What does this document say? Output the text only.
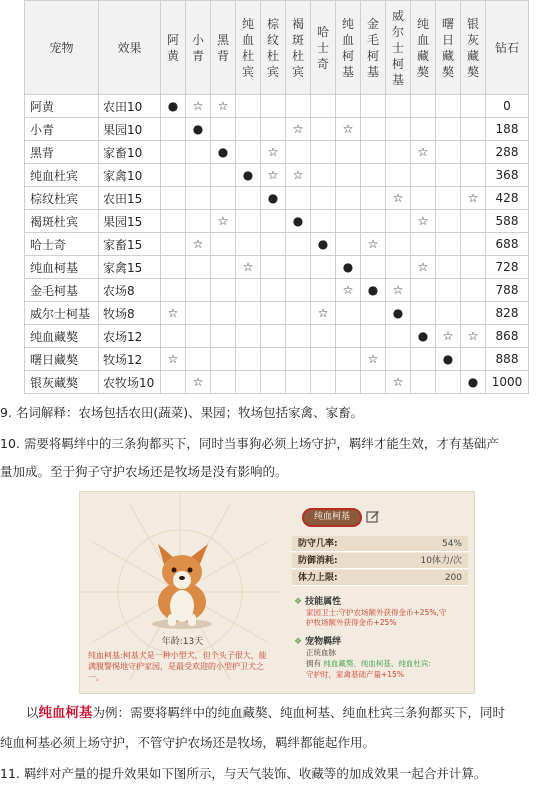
宠物	效果	阿黄	小青	黑背	纯血杜宾	棕纹杜宾	褐斑杜宾	哈士奇	纯血柯基	金毛柯基	威尔士柯基	纯血藏獒	曙日藏獒	银灰藏獒	钻石
阿黄	农田10	●	☆	☆											0
小青	果园10		●				☆		☆						188
黑背	家畜10			●		☆						☆			288
纯血杜宾	家禽10				●	☆	☆								368
棕纹杜宾	农田15					●					☆			☆	428
褐斑杜宾	果园15			☆			●					☆			588
哈士奇	家畜15		☆					●		☆					688
纯血柯基	家禽15				☆				●			☆			728
金毛柯基	农场8								☆	●	☆				788
威尔士柯基	牧场8	☆						☆			●				828
纯血藏獒	农场12											●	☆	☆	868
曙日藏獒	牧场12	☆								☆			●		888
银灰藏獒	农牧场10		☆								☆			●	1000
9. 名词解释：农场包括农田(蔬菜)、果园；牧场包括家禽、家畜。
10. 需要将羁绊中的三条狗都买下，同时当事狗必须上场守护，羁绊才能生效，才有基础产
量加成。至于狗子守护农场还是牧场是没有影响的。
年龄:13天
纯血柯基:柯基犬是一种小型犬，但个头子很大，能满腹警惕地守护家园，是最受欢迎的小型护卫犬之一。
纯血柯基
防守几率:	54%
防御消耗:	10体力/次
体力上限:	200
❖ 技能属性
家园卫士:守护农场额外获得金币+25%,守
护牧场额外获得金币+25%
❖ 宠物羁绊
正统血脉
拥有 纯血藏獒、纯血柯基、纯血杜宾:
守护时，家禽基础产量+15%
以纯血柯基为例：需要将羁绊中的纯血藏獒、纯血柯基、纯血杜宾三条狗都买下，同时
纯血柯基必须上场守护，不管守护农场还是牧场，羁绊都能起作用。
11. 羁绊对产量的提升效果如下图所示，与天气装饰、收藏等的加成效果一起合并计算。
